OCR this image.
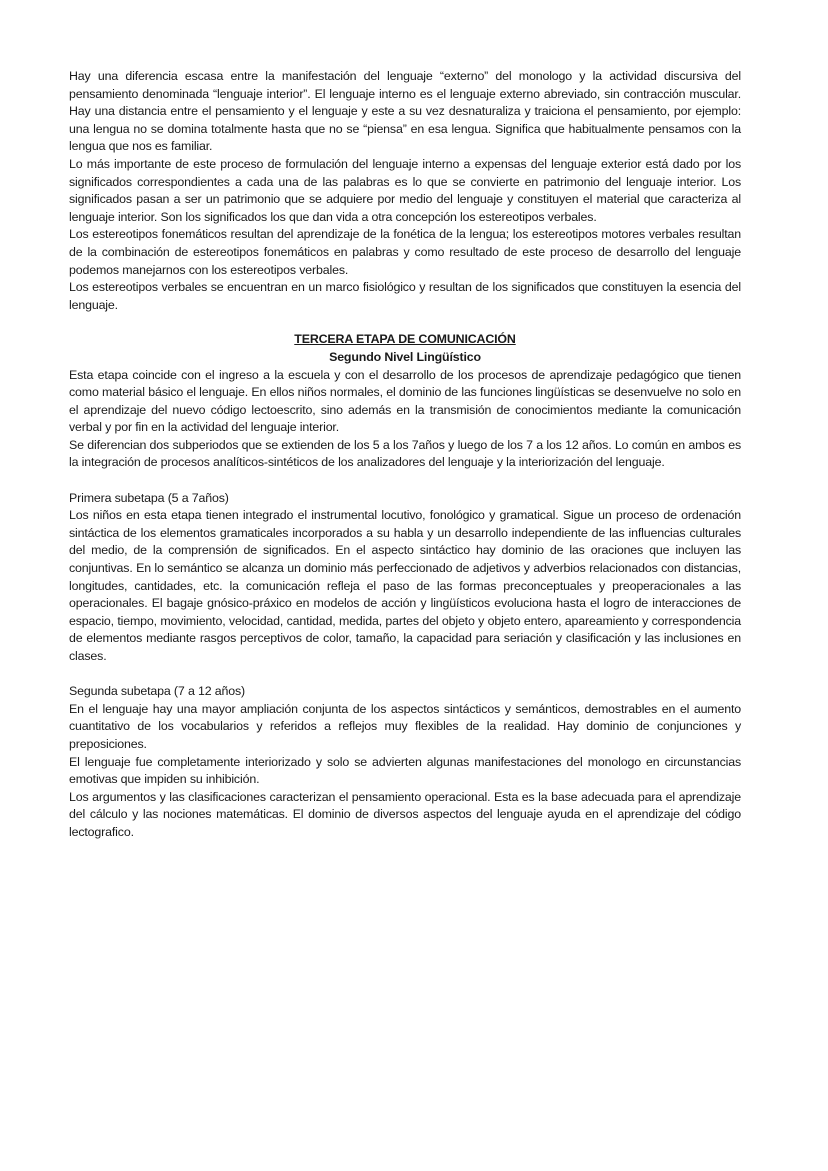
Hay una diferencia escasa entre la manifestación del lenguaje “externo” del monologo y la actividad discursiva del pensamiento denominada “lenguaje interior”. El lenguaje interno es el lenguaje externo abreviado, sin contracción muscular. Hay una distancia entre el pensamiento y el lenguaje y este a su vez desnaturaliza y traiciona el pensamiento, por ejemplo: una lengua no se domina totalmente hasta que no se “piensa” en esa lengua. Significa que habitualmente pensamos con la lengua que nos es familiar.

Lo más importante de este proceso de formulación del lenguaje interno a expensas del lenguaje exterior está dado por los significados correspondientes a cada una de las palabras es lo que se convierte en patrimonio del lenguaje interior. Los significados pasan a ser un patrimonio que se adquiere por medio del lenguaje y constituyen el material que caracteriza al lenguaje interior. Son los significados los que dan vida a otra concepción los estereotipos verbales.

Los estereotipos fonemáticos resultan del aprendizaje de la fonética de la lengua; los estereotipos motores verbales resultan de la combinación de estereotipos fonemáticos en palabras y como resultado de este proceso de desarrollo del lenguaje podemos manejarnos con los estereotipos verbales.

Los estereotipos verbales se encuentran en un marco fisiológico y resultan de los significados que constituyen la esencia del lenguaje.

TERCERA ETAPA DE COMUNICACIÓN

Segundo Nivel Lingüístico

Esta etapa coincide con el ingreso a la escuela y con el desarrollo de los procesos de aprendizaje pedagógico que tienen como material básico el lenguaje. En ellos niños normales, el dominio de las funciones lingüísticas se desenvuelve no solo en el aprendizaje del nuevo código lectoescrito, sino además en la transmisión de conocimientos mediante la comunicación verbal y por fin en la actividad del lenguaje interior.

Se diferencian dos subperiodos que se extienden de los 5 a los 7años y luego de los 7 a los 12 años. Lo común en ambos es la integración de procesos analíticos-sintéticos de los analizadores del lenguaje y la interiorización del lenguaje.

Primera subetapa (5 a 7años)

Los niños en esta etapa tienen integrado el instrumental locutivo, fonológico y gramatical. Sigue un proceso de ordenación sintáctica de los elementos gramaticales incorporados a su habla y un desarrollo independiente de las influencias culturales del medio, de la comprensión de significados. En el aspecto sintáctico hay dominio de las oraciones que incluyen las conjuntivas. En lo semántico se alcanza un dominio más perfeccionado de adjetivos y adverbios relacionados con distancias, longitudes, cantidades, etc. la comunicación refleja el paso de las formas preconceptuales y preoperacionales a las operacionales. El bagaje gnósico-práxico en modelos de acción y lingüísticos evoluciona hasta el logro de interacciones de espacio, tiempo, movimiento, velocidad, cantidad, medida, partes del objeto y objeto entero, apareamiento y correspondencia de elementos mediante rasgos perceptivos de color, tamaño, la capacidad para seriación y clasificación y las inclusiones en clases.

Segunda subetapa (7 a 12 años)

En el lenguaje hay una mayor ampliación conjunta de los aspectos sintácticos y semánticos, demostrables en el aumento cuantitativo de los vocabularios y referidos a reflejos muy flexibles de la realidad. Hay dominio de conjunciones y preposiciones.

El lenguaje fue completamente interiorizado y solo se advierten algunas manifestaciones del monologo en circunstancias emotivas que impiden su inhibición.

Los argumentos y las clasificaciones caracterizan el pensamiento operacional. Esta es la base adecuada para el aprendizaje del cálculo y las nociones matemáticas. El dominio de diversos aspectos del lenguaje ayuda en el aprendizaje del código lectografico.
